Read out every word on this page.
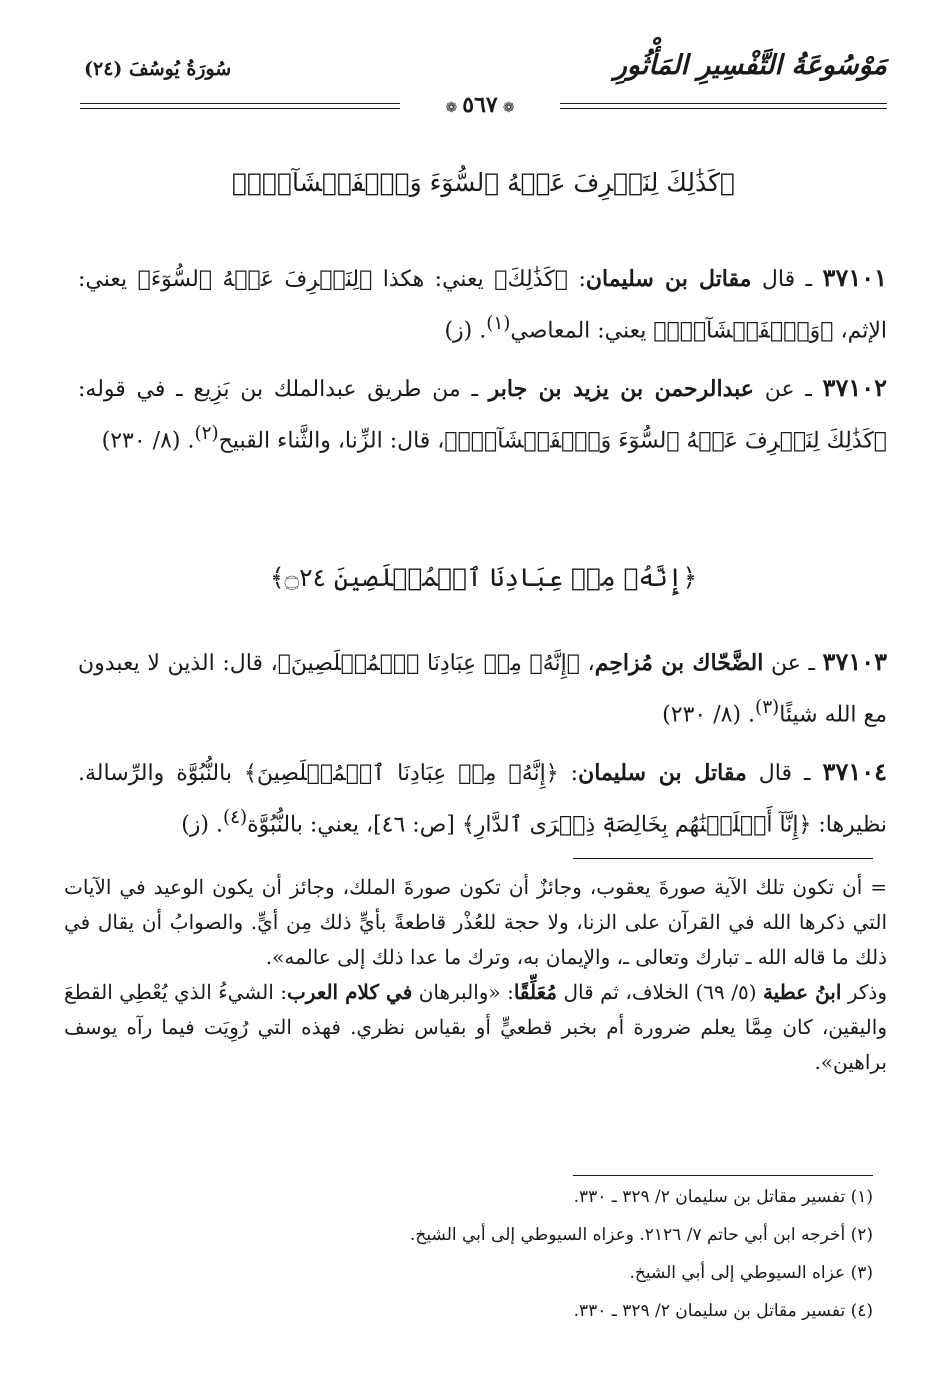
سُورَةُ يُوسُفَ (٢٤)	مَوْسُوعَةُ التَّفْسِيرِ المَأْثُورِ
❁ ٥٦٧ ❁
﴿كَذَٰلِكَ لِنَصۡرِفَ عَنۡهُ ٱلسُّوٓءَ وَٱلۡفَحۡشَآءَۚ﴾
٣٧١٠١ ـ قال مقاتل بن سليمان: ﴿كَذَٰلِكَ﴾ يعني: هكذا ﴿لِنَصۡرِفَ عَنۡهُ ٱلسُّوٓءَ﴾ يعني: الإثم، ﴿وَٱلۡفَحۡشَآءَۚ﴾ يعني: المعاصي$^{(١)}$. (ز)
٣٧١٠٢ ـ عن عبدالرحمن بن يزيد بن جابر ـ من طريق عبدالملك بن بَزِيع ـ في قوله: ﴿كَذَٰلِكَ لِنَصۡرِفَ عَنۡهُ ٱلسُّوٓءَ وَٱلۡفَحۡشَآءَۚ﴾، قال: الزِّنا، والثَّناء القبيح$^{(٢)}$. (٨/ ٢٣٠)
﴿إِنَّهُۥ مِنۡ عِبَادِنَا ٱلۡمُخۡلَصِينَ ۝٢٤﴾
٣٧١٠٣ ـ عن الضَّحّاك بن مُزاحِم، ﴿إِنَّهُۥ مِنۡ عِبَادِنَا ٱلۡمُخۡلَصِينَ﴾، قال: الذين لا يعبدون مع الله شيئًا$^{(٣)}$. (٨/ ٢٣٠)
٣٧١٠٤ ـ قال مقاتل بن سليمان: ﴿إِنَّهُۥ مِنۡ عِبَادِنَا ٱلۡمُخۡلَصِينَ﴾ بالنُّبُوَّة والرِّسالة. نظيرها: ﴿إِنَّآ أَخۡلَصۡنَٰهُم بِخَالِصَةٖ ذِكۡرَى ٱلدَّارِ﴾ [ص: ٤٦]، يعني: بالنُّبُوَّة$^{(٤)}$. (ز)
= أن تكون تلك الآية صورةَ يعقوب، وجائزٌ أن تكون صورةَ الملك، وجائز أن يكون الوعيد في الآيات التي ذكرها الله في القرآن على الزنا، ولا حجة للعُذْر قاطعةً بأيٍّ ذلك مِن أيٍّ. والصوابُ أن يقال في ذلك ما قاله الله ـ تبارك وتعالى ـ، والإيمان به، وترك ما عدا ذلك إلى عالمه».
وذكر ابنُ عطية (٥/ ٦٩) الخلاف، ثم قال مُعَلِّقًا: «والبرهان في كلام العرب: الشيءُ الذي يُعْطِي القطعَ واليقين، كان مِمَّا يعلم ضرورة أم بخبر قطعيٍّ أو بقياس نظري. فهذه التي رُوِيَت فيما رآه يوسف براهين».
(١) تفسير مقاتل بن سليمان ٢/ ٣٢٩ ـ ٣٣٠.
(٢) أخرجه ابن أبي حاتم ٧/ ٢١٢٦. وعزاه السيوطي إلى أبي الشيخ.
(٣) عزاه السيوطي إلى أبي الشيخ.
(٤) تفسير مقاتل بن سليمان ٢/ ٣٢٩ ـ ٣٣٠.
